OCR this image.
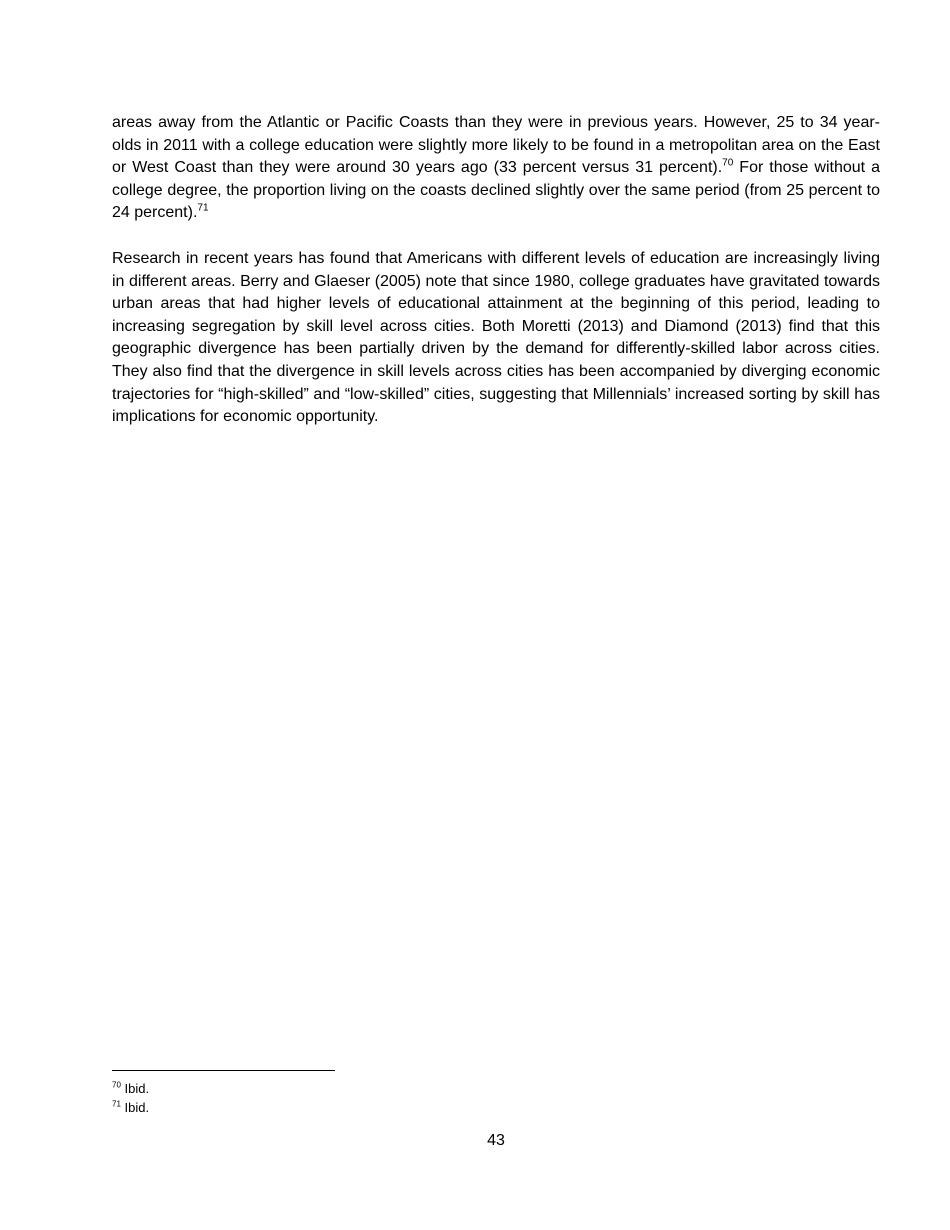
areas away from the Atlantic or Pacific Coasts than they were in previous years. However, 25 to 34 year-olds in 2011 with a college education were slightly more likely to be found in a metropolitan area on the East or West Coast than they were around 30 years ago (33 percent versus 31 percent).$^{70}$ For those without a college degree, the proportion living on the coasts declined slightly over the same period (from 25 percent to 24 percent).$^{71}$

Research in recent years has found that Americans with different levels of education are increasingly living in different areas. Berry and Glaeser (2005) note that since 1980, college graduates have gravitated towards urban areas that had higher levels of educational attainment at the beginning of this period, leading to increasing segregation by skill level across cities. Both Moretti (2013) and Diamond (2013) find that this geographic divergence has been partially driven by the demand for differently-skilled labor across cities. They also find that the divergence in skill levels across cities has been accompanied by diverging economic trajectories for “high-skilled” and “low-skilled” cities, suggesting that Millennials’ increased sorting by skill has implications for economic opportunity.

$^{70}$ Ibid.

$^{71}$ Ibid.

43
